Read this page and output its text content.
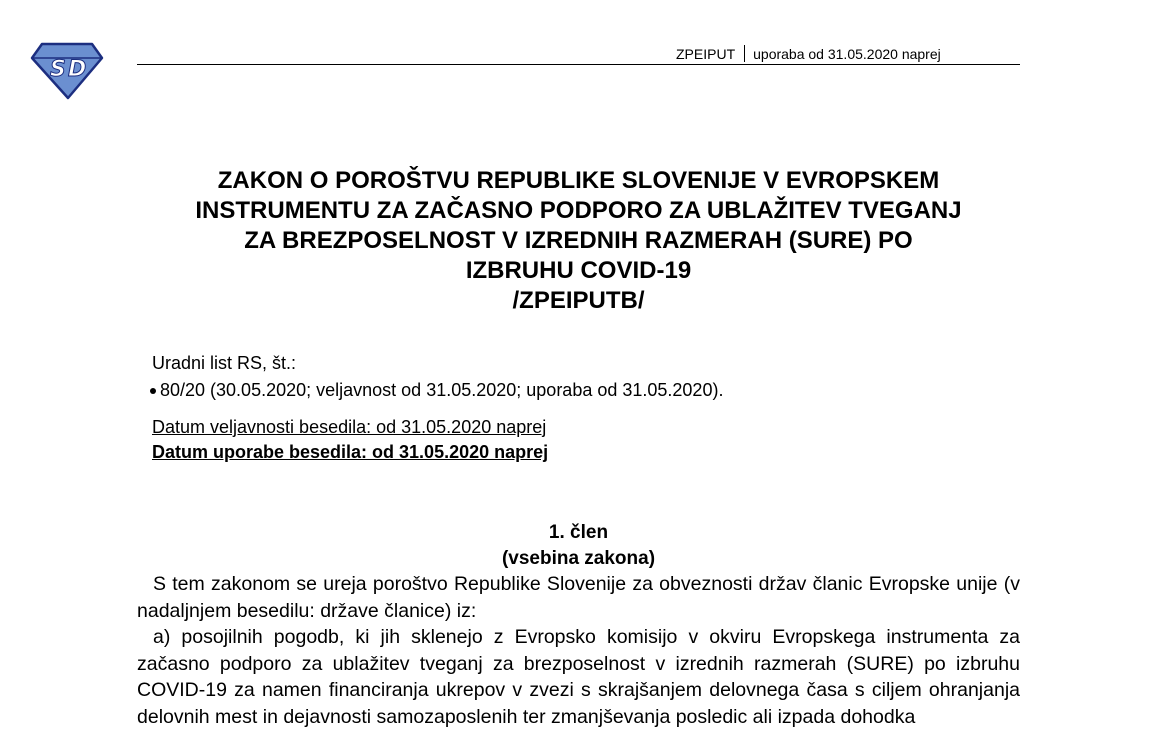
S D
ZPEIPUT uporaba od 31.05.2020 naprej
ZAKON O POROŠTVU REPUBLIKE SLOVENIJE V EVROPSKEM
INSTRUMENTU ZA ZAČASNO PODPORO ZA UBLAŽITEV TVEGANJ
ZA BREZPOSELNOST V IZREDNIH RAZMERAH (SURE) PO
IZBRUHU COVID-19
/ZPEIPUTB/
Uradni list RS, št.:
80/20 (30.05.2020; veljavnost od 31.05.2020; uporaba od 31.05.2020).
Datum veljavnosti besedila: od 31.05.2020 naprej
Datum uporabe besedila: od 31.05.2020 naprej
1. člen
(vsebina zakona)

S tem zakonom se ureja poroštvo Republike Slovenije za obveznosti držav članic Evropske unije (v nadaljnjem besedilu: države članice) iz:

a) posojilnih pogodb, ki jih sklenejo z Evropsko komisijo v okviru Evropskega instrumenta za začasno podporo za ublažitev tveganj za brezposelnost v izrednih razmerah (SURE) po izbruhu COVID-19 za namen financiranja ukrepov v zvezi s skrajšanjem delovnega časa s ciljem ohranjanja delovnih mest in dejavnosti samozaposlenih ter zmanjševanja posledic ali izpada dohodka
